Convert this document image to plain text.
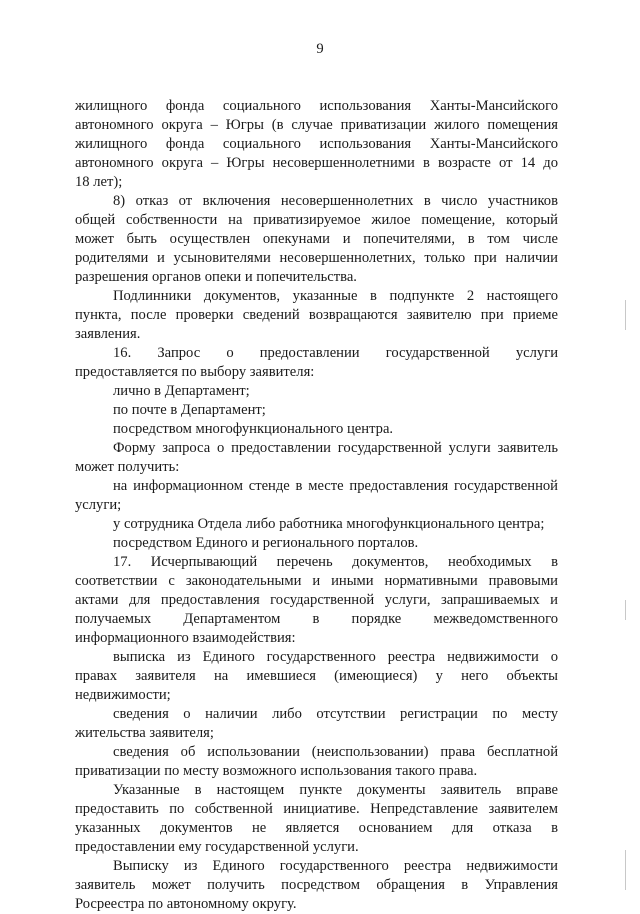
9

жилищного фонда социального использования Ханты-Мансийского

автономного округа – Югры (в случае приватизации жилого помещения

жилищного фонда социального использования Ханты-Мансийского

автономного округа – Югры несовершеннолетними в возрасте от 14 до

18 лет);

8) отказ от включения несовершеннолетних в число участников

общей собственности на приватизируемое жилое помещение, который

может быть осуществлен опекунами и попечителями, в том числе

родителями и усыновителями несовершеннолетних, только при наличии

разрешения органов опеки и попечительства.

Подлинники документов, указанные в подпункте 2 настоящего

пункта, после проверки сведений возвращаются заявителю при приеме

заявления.

16. Запрос о предоставлении государственной услуги

предоставляется по выбору заявителя:

лично в Департамент;

по почте в Департамент;

посредством многофункционального центра.

Форму запроса о предоставлении государственной услуги заявитель

может получить:

на информационном стенде в месте предоставления государственной

услуги;

у сотрудника Отдела либо работника многофункционального центра;

посредством Единого и регионального порталов.

17. Исчерпывающий перечень документов, необходимых в

соответствии с законодательными и иными нормативными правовыми

актами для предоставления государственной услуги, запрашиваемых и

получаемых Департаментом в порядке межведомственного

информационного взаимодействия:

выписка из Единого государственного реестра недвижимости о

правах заявителя на имевшиеся (имеющиеся) у него объекты

недвижимости;

сведения о наличии либо отсутствии регистрации по месту

жительства заявителя;

сведения об использовании (неиспользовании) права бесплатной

приватизации по месту возможного использования такого права.

Указанные в настоящем пункте документы заявитель вправе

предоставить по собственной инициативе. Непредставление заявителем

указанных документов не является основанием для отказа в

предоставлении ему государственной услуги.

Выписку из Единого государственного реестра недвижимости

заявитель может получить посредством обращения в Управления

Росреестра по автономному округу.
